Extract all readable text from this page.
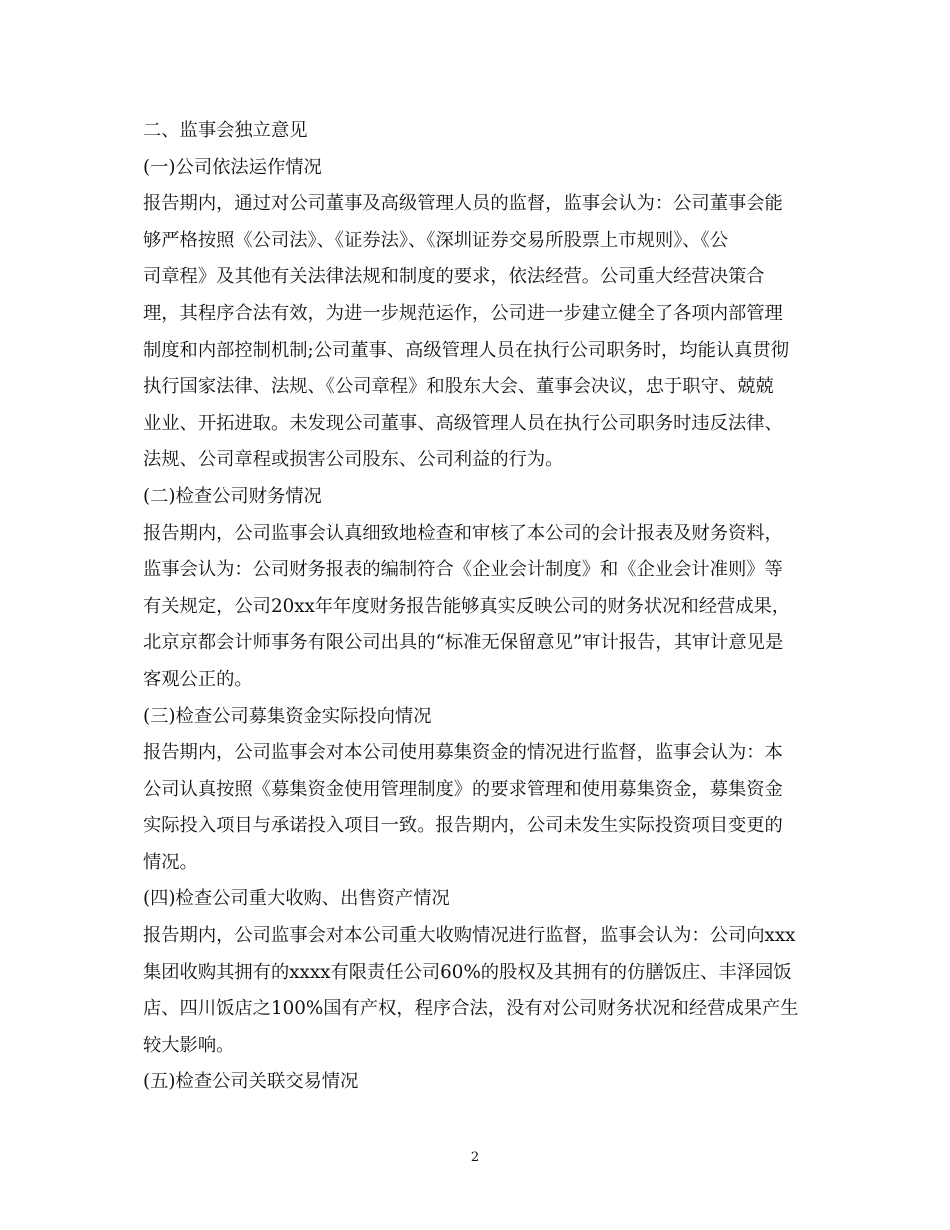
二、监事会独立意见
(一)公司依法运作情况
报告期内，通过对公司董事及高级管理人员的监督，监事会认为：公司董事会能
够严格按照《公司法》、《证券法》、《深圳证券交易所股票上市规则》、《公
司章程》及其他有关法律法规和制度的要求，依法经营。公司重大经营决策合
理，其程序合法有效，为进一步规范运作，公司进一步建立健全了各项内部管理
制度和内部控制机制;公司董事、高级管理人员在执行公司职务时，均能认真贯彻
执行国家法律、法规、《公司章程》和股东大会、董事会决议，忠于职守、兢兢
业业、开拓进取。未发现公司董事、高级管理人员在执行公司职务时违反法律、
法规、公司章程或损害公司股东、公司利益的行为。
(二)检查公司财务情况
报告期内，公司监事会认真细致地检查和审核了本公司的会计报表及财务资料，
监事会认为：公司财务报表的编制符合《企业会计制度》和《企业会计准则》等
有关规定，公司20xx年年度财务报告能够真实反映公司的财务状况和经营成果，
北京京都会计师事务有限公司出具的“标准无保留意见”审计报告，其审计意见是
客观公正的。
(三)检查公司募集资金实际投向情况
报告期内，公司监事会对本公司使用募集资金的情况进行监督，监事会认为：本
公司认真按照《募集资金使用管理制度》的要求管理和使用募集资金，募集资金
实际投入项目与承诺投入项目一致。报告期内，公司未发生实际投资项目变更的
情况。
(四)检查公司重大收购、出售资产情况
报告期内，公司监事会对本公司重大收购情况进行监督，监事会认为：公司向xxx
集团收购其拥有的xxxx有限责任公司60%的股权及其拥有的仿膳饭庄、丰泽园饭
店、四川饭店之100%国有产权，程序合法，没有对公司财务状况和经营成果产生
较大影响。
(五)检查公司关联交易情况
2
